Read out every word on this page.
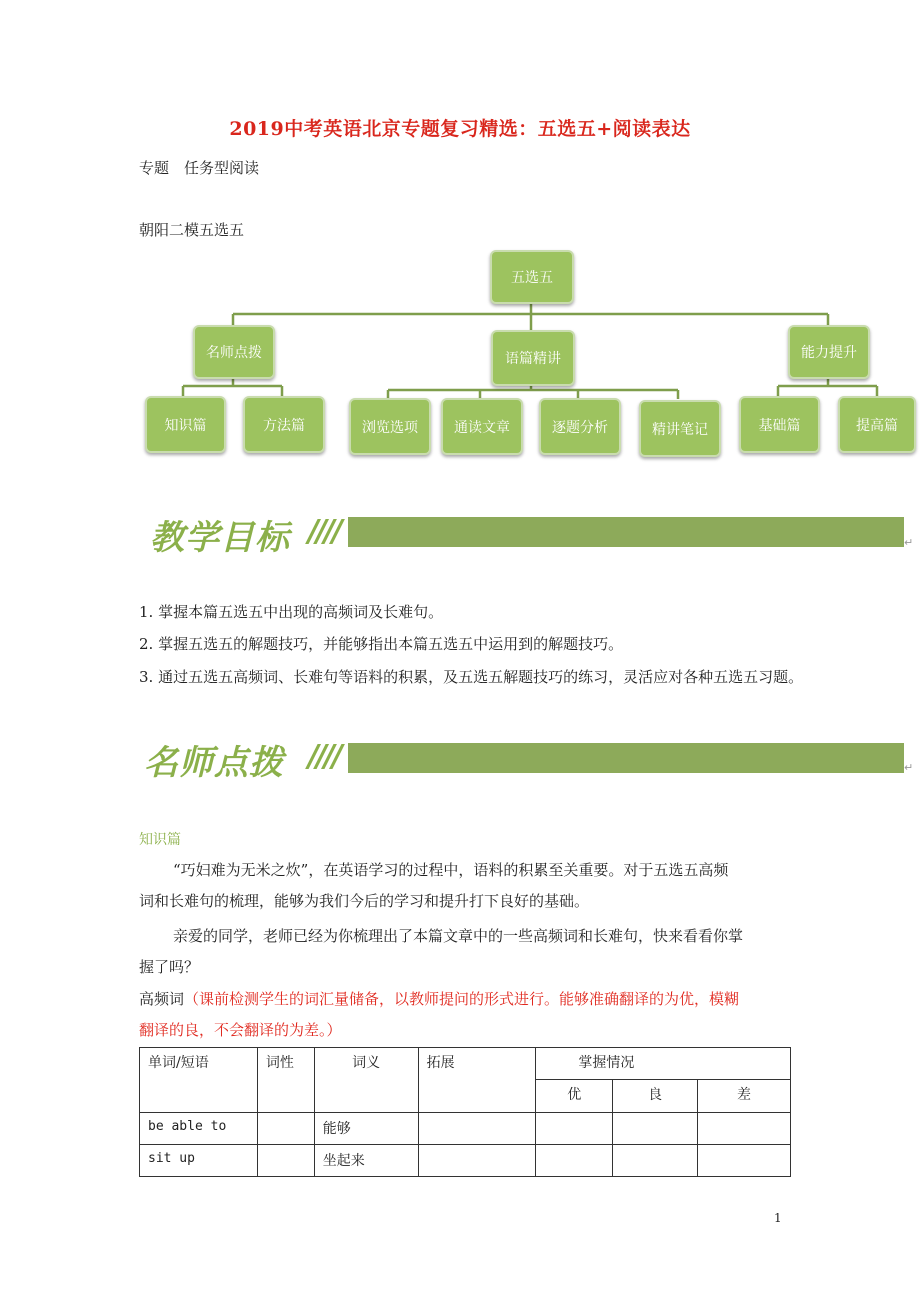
2019中考英语北京专题复习精选：五选五+阅读表达
专题　任务型阅读
朝阳二模五选五
五选五
名师点拨	语篇精讲	能力提升
知识篇	方法篇	浏览选项	通读文章	逐题分析	精讲笔记	基础篇	提高篇
教学目标 ////	↵
1. 掌握本篇五选五中出现的高频词及长难句。
2. 掌握五选五的解题技巧，并能够指出本篇五选五中运用到的解题技巧。
3. 通过五选五高频词、长难句等语料的积累，及五选五解题技巧的练习，灵活应对各种五选五习题。
名师点拨 ////	↵
知识篇
“巧妇难为无米之炊”，在英语学习的过程中，语料的积累至关重要。对于五选五高频
词和长难句的梳理，能够为我们今后的学习和提升打下良好的基础。
亲爱的同学，老师已经为你梳理出了本篇文章中的一些高频词和长难句，快来看看你掌
握了吗？
高频词（课前检测学生的词汇量储备，以教师提问的形式进行。能够准确翻译的为优，模糊
翻译的良，不会翻译的为差。）
单词/短语	词性	词义	拓展	掌握情况		
				优	良	差
be able to		能够				
sit up		坐起来				
1
